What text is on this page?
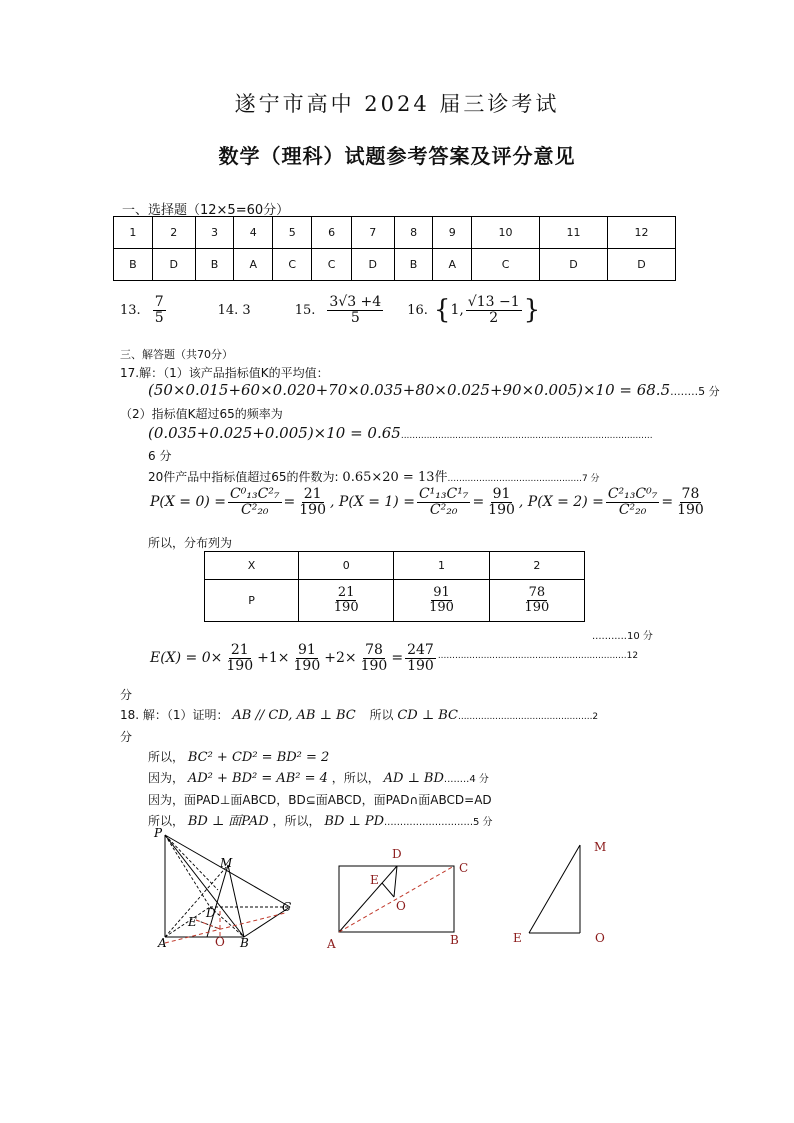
遂宁市高中 2024 届三诊考试
数学（理科）试题参考答案及评分意见
一、选择题（12×5=60分）
1	2	3	4	5	6	7	8	9	10	11	12
B	D	B	A	C	C	D	B	A	C	D	D
13. $\frac{7}{5}$	14. 3	15. $\frac{3√3 +4}{5} 16$. { 1, $\frac{√13 -1}{2}$ }
三、解答题（共70分）
17.解：（1）该产品指标值K的平均值：
(50×0.015+60×0.020+70×0.035+80×0.025+90×0.005)×10 = 68.5........5 分
（2）指标值K超过65的频率为
(0.035+0.025+0.005)×10 = 0.65........................................................................................
6 分
20件产品中指标值超过65的件数为: 0.65×20 = 13件...............................................7 分
$P(X = 0) = \frac{\text{C⁰₁₃C²₇}}{\text{C²₂₀}} = \frac{21}{190}$ , $P(X = 1) = \frac{\text{C¹₁₃C¹₇}}{\text{C²₂₀}} = \frac{91}{190}$ , $P(X = 2) = \frac{\text{C²₁₃C⁰₇}}{\text{C²₂₀}} = \frac{78}{190}$
所以，分布列为
X	0	1	2
P	$\frac{21}{190}$	$\frac{91}{190}$	$\frac{78}{190}$
...........10 分
$E(X) = 0\times \frac{21}{190} +1\times \frac{91}{190} +2\times \frac{78}{190} = \frac{247}{190} ..................................................................12$
分
18. 解：（1）证明： AB // CD, AB ⊥ BC 所以 CD ⊥ BC...............................................2
分
所以， BC² + CD² = BD² = 2
因为， AD² + BD² = AB² = 4 ，所以， AD ⊥ BD........4 分
因为，面PAD⊥面ABCD，BD⊆面ABCD，面PAD∩面ABCD=AD
所以， BD ⊥ 面PAD ，所以， BD ⊥ PD............................5 分
P
M
D	C
E
A	O B
D
C
E
O
A	B
M
E	O
